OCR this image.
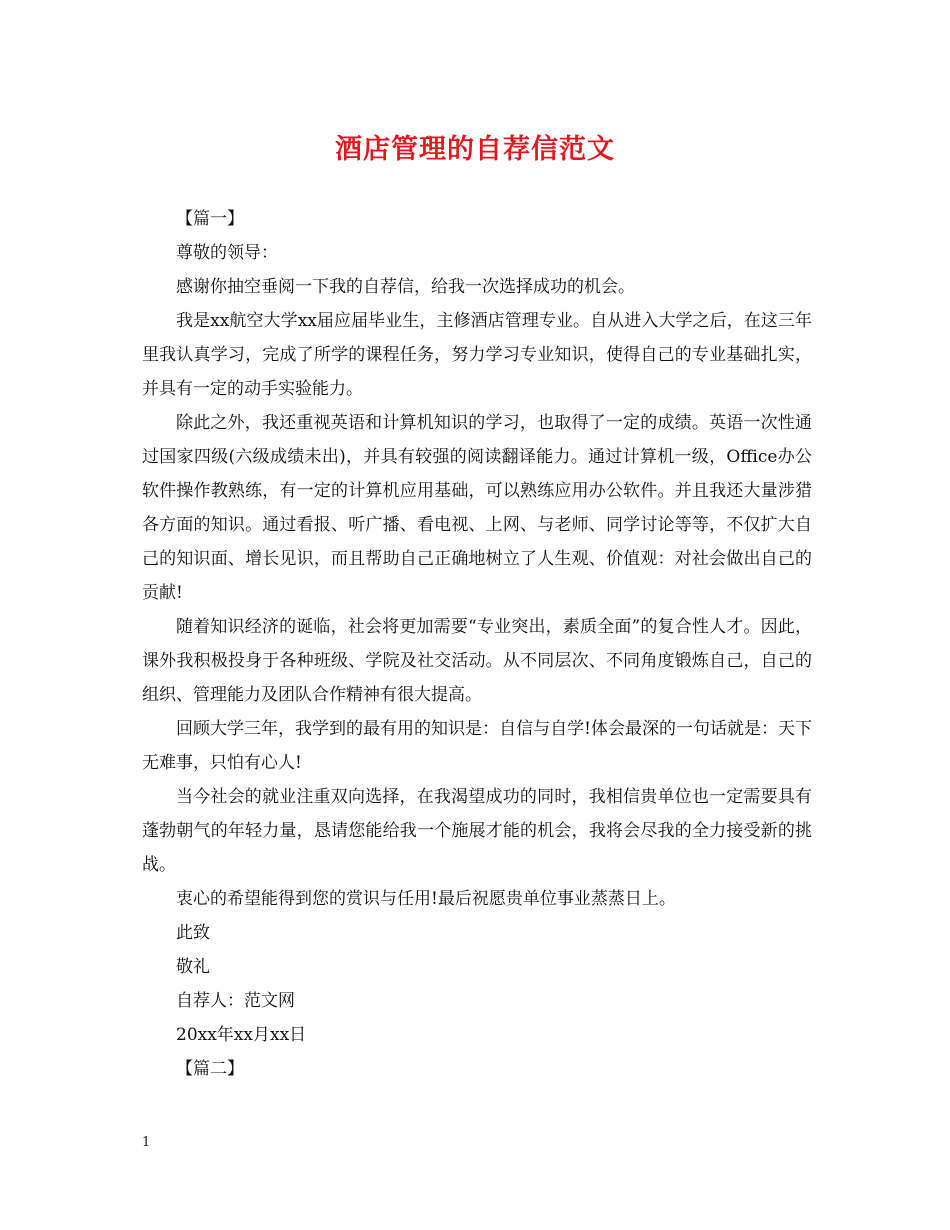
酒店管理的自荐信范文

【篇一】

尊敬的领导：

感谢你抽空垂阅一下我的自荐信，给我一次选择成功的机会。

我是xx航空大学xx届应届毕业生，主修酒店管理专业。自从进入大学之后，在这三年里我认真学习，完成了所学的课程任务，努力学习专业知识，使得自己的专业基础扎实，并具有一定的动手实验能力。

除此之外，我还重视英语和计算机知识的学习，也取得了一定的成绩。英语一次性通过国家四级(六级成绩未出)，并具有较强的阅读翻译能力。通过计算机一级，Office办公软件操作教熟练，有一定的计算机应用基础，可以熟练应用办公软件。并且我还大量涉猎各方面的知识。通过看报、听广播、看电视、上网、与老师、同学讨论等等，不仅扩大自己的知识面、增长见识，而且帮助自己正确地树立了人生观、价值观：对社会做出自己的贡献!

随着知识经济的诞临，社会将更加需要“专业突出，素质全面”的复合性人才。因此，课外我积极投身于各种班级、学院及社交活动。从不同层次、不同角度锻炼自己，自己的组织、管理能力及团队合作精神有很大提高。

回顾大学三年，我学到的最有用的知识是：自信与自学!体会最深的一句话就是：天下无难事，只怕有心人!

当今社会的就业注重双向选择，在我渴望成功的同时，我相信贵单位也一定需要具有蓬勃朝气的年轻力量，恳请您能给我一个施展才能的机会，我将会尽我的全力接受新的挑战。

衷心的希望能得到您的赏识与任用!最后祝愿贵单位事业蒸蒸日上。

此致

敬礼

自荐人：范文网

20xx年xx月xx日

【篇二】

1
